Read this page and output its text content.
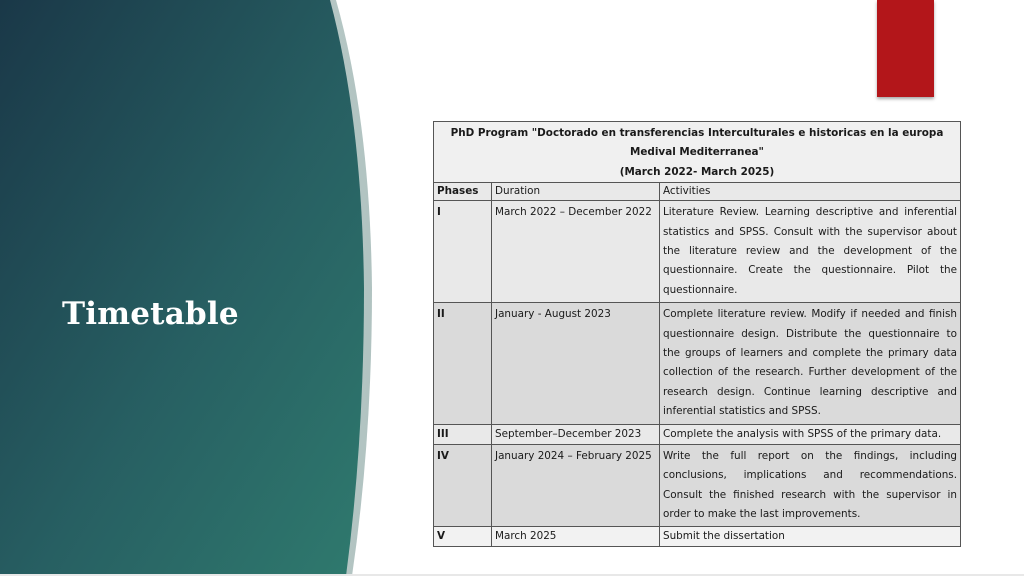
Timetable
PhD Program "Doctorado en transferencias Interculturales e historicas en la europa Medival Mediterranea"
(March 2022- March 2025)		

Phases	Duration	Activities
I	March 2022 – December 2022	Literature Review. Learning descriptive and inferential statistics and SPSS. Consult with the supervisor about the literature review and the development of the questionnaire. Create the questionnaire. Pilot the questionnaire.
II	January - August 2023	Complete literature review. Modify if needed and finish questionnaire design. Distribute the questionnaire to the groups of learners and complete the primary data collection of the research. Further development of the research design. Continue learning descriptive and inferential statistics and SPSS.
III	September–December 2023	Complete the analysis with SPSS of the primary data.
IV	January 2024 – February 2025	Write the full report on the findings, including conclusions, implications and recommendations. Consult the finished research with the supervisor in order to make the last improvements.
V	March 2025	Submit the dissertation
